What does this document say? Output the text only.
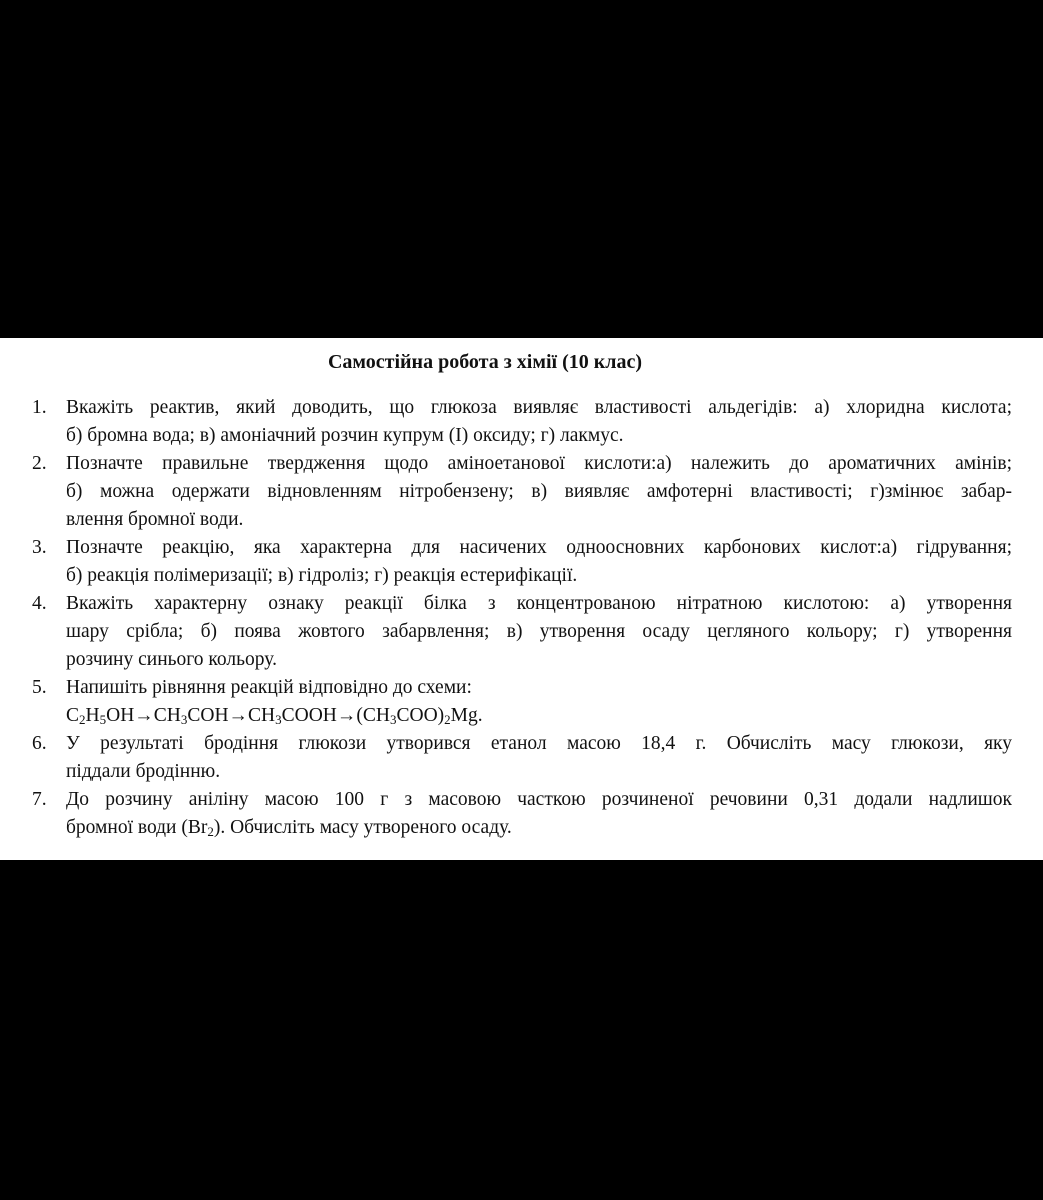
Самостійна робота з хімії (10 клас)
1. Вкажіть реактив, який доводить, що глюкоза виявляє властивості альдегідів: а) хлоридна кислота;
б) бромна вода; в) амоніачний розчин купрум (I) оксиду; г) лакмус.
2. Позначте правильне твердження щодо аміноетанової кислоти:а) належить до ароматичних амінів;
б) можна одержати відновленням нітробензену; в) виявляє амфотерні властивості; г)змінює забар-
влення бромної води.
3. Позначте реакцію, яка характерна для насичених одноосновних карбонових кислот:а) гідрування;
б) реакція полімеризації; в) гідроліз; г) реакція естерифікації.
4. Вкажіть характерну ознаку реакції білка з концентрованою нітратною кислотою: а) утворення
шару срібла; б) поява жовтого забарвлення; в) утворення осаду цегляного кольору; г) утворення
розчину синього кольору.
5. Напишіть рівняння реакцій відповідно до схеми:
$C_2H_5OH\to CH_3COH\to CH_3COOH\to(CH_3COO)_2Mg$.
6. У результаті бродіння глюкози утворився етанол масою 18,4 г. Обчисліть масу глюкози, яку
піддали бродінню.
7. До розчину аніліну масою 100 г з масовою часткою розчиненої речовини 0,31 додали надлишок
бромної води $(Br_2)$. Обчисліть масу утвореного осаду.
